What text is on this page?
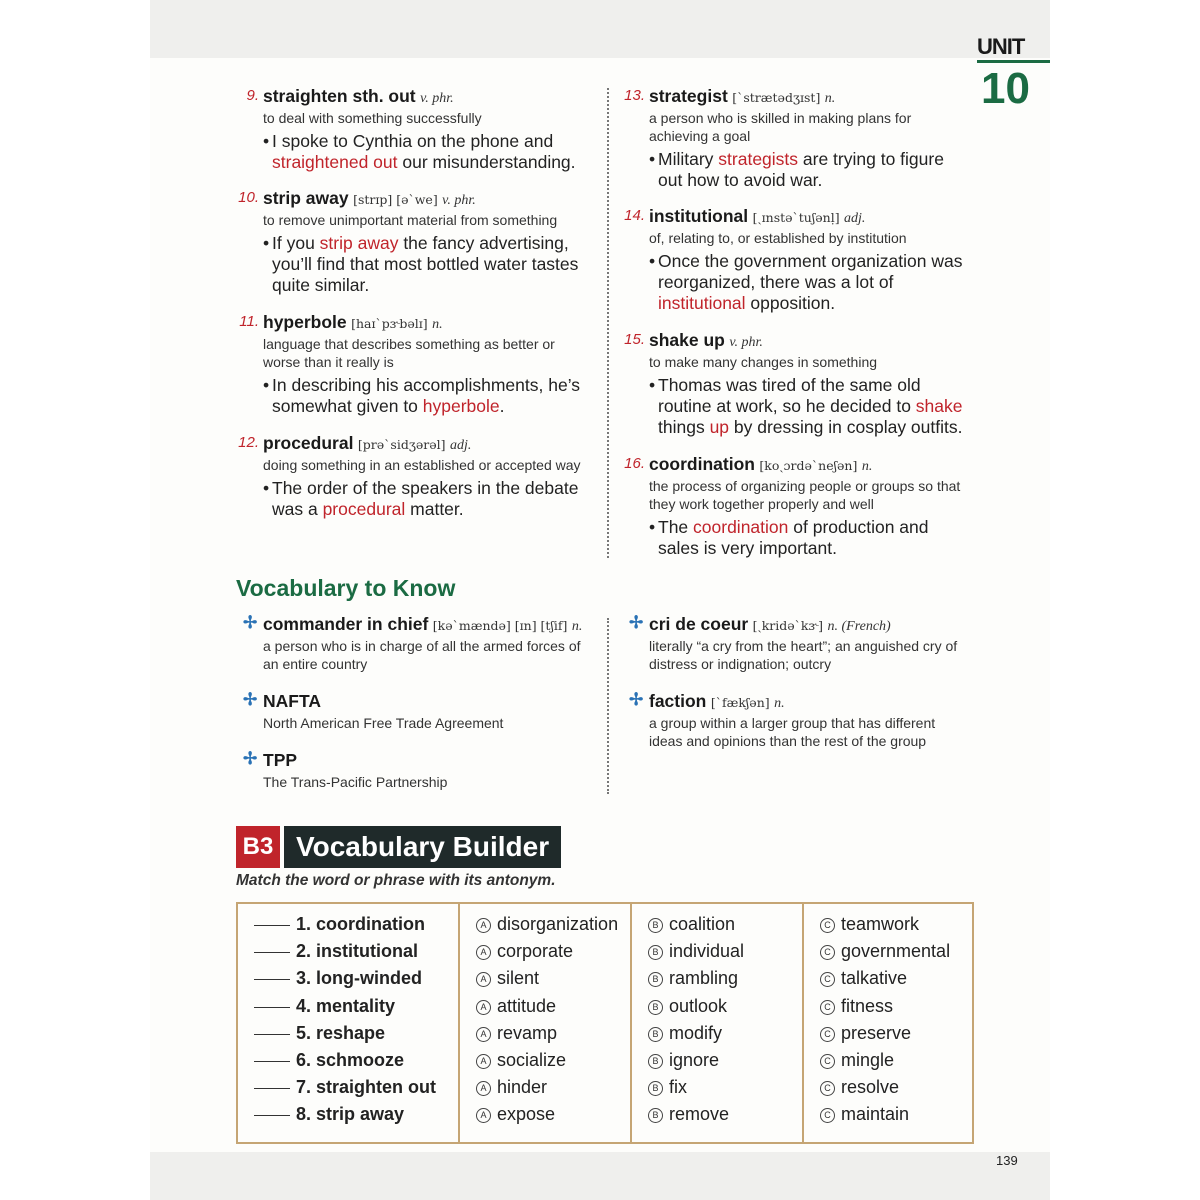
UNIT
10
9. straighten sth. out v. phr.
to deal with something successfully
• I spoke to Cynthia on the phone and straightened out our misunderstanding.
10. strip away [strɪp] [ə`we] v. phr.
to remove unimportant material from something
• If you strip away the fancy advertising, you’ll find that most bottled water tastes quite similar.
11. hyperbole [haɪ`pɝbəlɪ] n.
language that describes something as better or worse than it really is
• In describing his accomplishments, he’s somewhat given to hyperbole.
12. procedural [prə`sidʒərəl] adj.
doing something in an established or accepted way
• The order of the speakers in the debate was a procedural matter.
13. strategist [`strætədʒɪst] n.
a person who is skilled in making plans for achieving a goal
• Military strategists are trying to figure out how to avoid war.
14. institutional [ˏɪnstə`tuʃənḷ] adj.
of, relating to, or established by institution
• Once the government organization was reorganized, there was a lot of institutional opposition.
15. shake up v. phr.
to make many changes in something
• Thomas was tired of the same old routine at work, so he decided to shake things up by dressing in cosplay outfits.
16. coordination [koˏɔrdə`neʃən] n.
the process of organizing people or groups so that they work together properly and well
• The coordination of production and sales is very important.
Vocabulary to Know
✢ commander in chief [kə`mændə] [ɪn] [tʃif] n.
a person who is in charge of all the armed forces of an entire country
✢ NAFTA
North American Free Trade Agreement
✢ TPP
The Trans-Pacific Partnership
✢ cri de coeur [ˏkridə`kɝ] n. (French)
literally “a cry from the heart”; an anguished cry of distress or indignation; outcry
✢ faction [`fækʃən] n.
a group within a larger group that has different ideas and opinions than the rest of the group
B3 Vocabulary Builder
Match the word or phrase with its antonym.
1. coordination
2. institutional
3. long-winded
4. mentality
5. reshape
6. schmooze
7. straighten out
8. strip away
A disorganization
A corporate
A silent
A attitude
A revamp
A socialize
A hinder
A expose
B coalition
B individual
B rambling
B outlook
B modify
B ignore
B fix
B remove
C teamwork
C governmental
C talkative
C fitness
C preserve
C mingle
C resolve
C maintain
139
